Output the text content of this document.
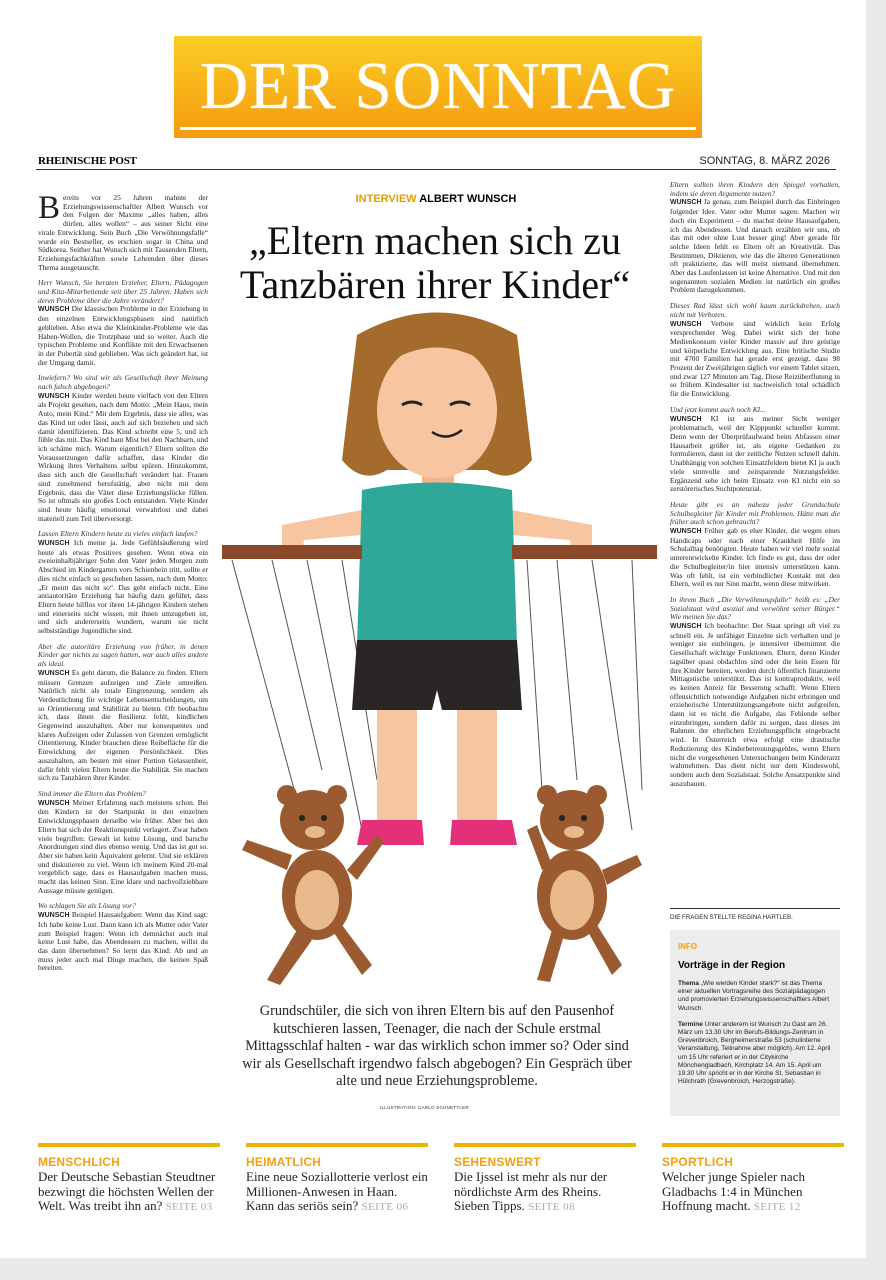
DER SONNTAG
RHEINISCHE POST	SONNTAG, 8. MÄRZ 2026

Bereits vor 25 Jahren mahnte der Erziehungswissenschaftler Albert Wunsch vor den Folgen der Maxime „alles haben, alles dürfen, alles wollen“ – aus seiner Sicht eine virale Entwicklung. Sein Buch „Die Verwöhnungsfalle“ wurde ein Bestseller, es erschien sogar in China und Südkorea. Seither hat Wunsch sich mit Tausenden Eltern, Erziehungsfachkräften sowie Lehrenden über dieses Thema ausgetauscht.

Herr Wunsch, Sie beraten Erzieher, Eltern, Pädagogen und Kita-Mitarbeitende seit über 25 Jahren. Haben sich deren Probleme über die Jahre verändert?

WUNSCH Die klassischen Probleme in der Erziehung in den einzelnen Entwicklungsphasen sind natürlich geblieben. Also etwa die Kleinkinder-Probleme wie das Haben-Wollen, die Trotzphase und so weiter. Auch die typischen Probleme und Konflikte mit den Erwachsenen in der Pubertät sind geblieben. Was sich geändert hat, ist der Umgang damit.

Inwiefern? Wo sind wir als Gesellschaft ihrer Meinung nach falsch abgebogen?

WUNSCH Kinder werden heute vielfach von den Eltern als Projekt gesehen, nach dem Motto: „Mein Haus, mein Auto, mein Kind.“ Mit dem Ergebnis, dass sie alles, was das Kind tut oder lässt, auch auf sich beziehen und sich damit identifizieren. Das Kind schreibt eine 5, und ich fühle das mit. Das Kind baut Mist bei den Nachbarn, und ich schäme mich. Warum eigentlich? Eltern sollten die Voraussetzungen dafür schaffen, dass Kinder die Wirkung ihres Verhaltens selbst spüren. Hinzukommt, dass sich auch die Gesellschaft verändert hat. Frauen sind zunehmend berufstätig, aber nicht mit dem Ergebnis, dass die Väter diese Erziehungslücke füllen. So ist oftmals ein großes Loch entstanden. Viele Kinder sind heute häufig emotional verwahrlost und dabei materiell zum Teil überversorgt.

Lassen Eltern Kindern heute zu vieles einfach laufen?

WUNSCH Ich meine ja. Jede Gefühlsäußerung wird heute als etwas Positives gesehen. Wenn etwa ein zweieinhalbjähriger Sohn den Vater jeden Morgen zum Abschied im Kindergarten vors Schienbein tritt, sollte er dies nicht einfach so geschehen lassen, nach dem Motto: „Er meint das nicht so“. Das geht einfach nicht. Eine antiautoritäre Erziehung hat häufig dazu geführt, dass Eltern heute hilflos vor ihren 14-jährigen Kindern stehen und einerseits nicht wissen, mit ihnen umzugehen ist, und sich andererseits wundern, warum sie nicht selbstständige Jugendliche sind.

Aber die autoritäre Erziehung von früher, in denen Kinder gar nichts zu sagen hatten, war auch alles andere als ideal.

WUNSCH Es geht darum, die Balance zu finden. Eltern müssen Grenzen aufzeigen und Ziele umreißen. Natürlich nicht als totale Eingrenzung, sondern als Verdeutlichung für wichtige Lebensentscheidungen, um so Orientierung und Stabilität zu bieten. Oft beobachte ich, dass ihnen die Resilienz fehlt, kindlichen Gegenwind auszuhalten. Aber nur konsequentes und klares Aufzeigen oder Zulassen von Grenzen ermöglicht Orientierung. Kinder brauchen diese Reibefläche für die Entwicklung der eigenen Persönlichkeit. Dies auszuhalten, am besten mit einer Portion Gelassenheit, dafür fehlt vielen Eltern heute die Stabilität. Sie machen sich zu Tanzbären ihrer Kinder.

Sind immer die Eltern das Problem?

WUNSCH Meiner Erfahrung nach meistens schon. Bei den Kindern ist der Startpunkt in den einzelnen Entwicklungsphasen derselbe wie früher. Aber bei den Eltern hat sich der Reaktionspunkt verlagert. Zwar haben viele begriffen: Gewalt ist keine Lösung, und barsche Anordnungen sind dies ebenso wenig. Und das ist gut so. Aber sie haben kein Äquivalent gelernt. Und sie erklären und diskutieren zu viel. Wenn ich meinem Kind 20-mal vergeblich sage, dass es Hausaufgaben machen muss, macht das keinen Sinn. Eine klare und nachvollziehbare Aussage müsste genügen.

Wo schlagen Sie als Lösung vor?

WUNSCH Beispiel Hausaufgaben: Wenn das Kind sagt: Ich habe keine Lust. Dann kann ich als Mutter oder Vater zum Beispiel fragen: Wenn ich demnächst auch mal keine Lust habe, das Abendessen zu machen, willst du das dann übernehmen? So lernt das Kind: Ab und an muss jeder auch mal Dinge machen, die keinen Spaß bereiten.

INTERVIEW ALBERT WUNSCH
„Eltern machen sich zu Tanzbären ihrer Kinder“
Grundschüler, die sich von ihren Eltern bis auf den Pausenhof kutschieren lassen, Teenager, die nach der Schule erstmal Mittagsschlaf halten - war das wirklich schon immer so? Oder sind wir als Gesellschaft irgendwo falsch abgebogen? Ein Gespräch über alte und neue Erziehungsprobleme.
ILLUSTRATION: CARLO SCHNETTLER

Eltern sollten ihren Kindern den Spiegel vorhalten, indem sie deren Argumente nutzen?

WUNSCH Ja genau, zum Beispiel durch das Einbringen folgender Idee. Vater oder Mutter sagen: Machen wir doch ein Experiment – du machst deine Hausaufgaben, ich das Abendessen. Und danach erzählen wir uns, ob das mit oder ohne Lust besser ging! Aber gerade für solche Ideen fehlt es Eltern oft an Kreativität. Das Bestimmen, Diktieren, wie das die älteren Generationen oft praktizierte, das will meist niemand übernehmen. Aber das Laufenlassen ist keine Alternative. Und mit den sogenannten sozialen Medien ist natürlich ein großes Problem dazugekommen.

Dieses Rad lässt sich wohl kaum zurückdrehen, auch nicht mit Verboten.

WUNSCH Verbote sind wirklich kein Erfolg versprechender Weg. Dabei wirkt sich der hohe Medienkonsum vieler Kinder massiv auf ihre geistige und körperliche Entwicklung aus. Eine britische Studie mit 4700 Familien hat gerade erst gezeigt, dass 98 Prozent der Zweijährigen täglich vor einem Tablet sitzen, und zwar 127 Minuten am Tag. Diese Reizüberflutung in so frühem Kindesalter ist nachweislich total schädlich für die Entwicklung.

Und jetzt kommt auch noch KI...

WUNSCH KI ist aus meiner Sicht weniger problematisch, weil der Kipppunkt schneller kommt. Denn wenn der Überprüfaufwand beim Abfassen einer Hausarbeit größer ist, als eigene Gedanken zu formulieren, dann ist der zeitliche Nutzen schnell dahin. Unabhängig von solchen Einsatzfeldern bietet KI ja auch viele sinnvolle und zeitsparende Nutzungsfelder. Ergänzend sehe ich beim Einsatz von KI nicht ein so zerstörerisches Suchtpotenzial.

Heute gibt es an nahezu jeder Grundschule Schulbegleiter für Kinder mit Problemen. Hätte man die früher auch schon gebraucht?

WUNSCH Früher gab es eher Kinder, die wegen eines Handicaps oder nach einer Krankheit Hilfe im Schulalltag benötigten. Heute haben wir viel mehr sozial unterentwickelte Kinder. Ich finde es gut, dass der oder die Schulbegleiter/in hier intensiv unterstützen kann. Was oft fehlt, ist ein verbindlicher Kontakt mit den Eltern, weil es nur Sinn macht, wenn diese mitwirken.

In ihrem Buch „Die Verwöhnungsfalle“ heißt es: „Der Sozialstaat wird asozial und verwöhnt seiner Bürger.“ Wie meinen Sie das?

WUNSCH Ich beobachte: Der Staat springt oft viel zu schnell ein. Je unfähiger Einzelne sich verhalten und je weniger sie einbringen, je intensiver übernimmt die Gesellschaft wichtige Funktionen. Eltern, deren Kinder tagsüber quasi obdachlos sind oder die kein Essen für ihre Kinder bereiten, werden durch öffentlich finanzierte Mittagstische unterstützt. Das ist kontraproduktiv, weil es keinen Anreiz für Besserung schafft. Wenn Eltern offensichtlich notwendige Aufgaben nicht erbringen und erzieherische Unterstützungsangebote nicht aufgreifen, dann ist es nicht die Aufgabe, das Fehlende selber einzubringen, sondern dafür zu sorgen, dass dieses im Rahmen der elterlichen Erziehungspflicht eingebracht wird. In Österreich etwa erfolgt eine drastische Reduzierung des Kinderbetreuungsgeldes, wenn Eltern nicht die vorgesehenen Untersuchungen beim Kinderarzt wahrnehmen. Das dient nicht nur dem Kindeswohl, sondern auch dem Sozialstaat. Solche Ansatzpunkte sind auszubauen.

DIE FRAGEN STELLTE REGINA HARTLEB.
INFO
Vorträge in der Region

Thema „Wie werden Kinder stark?“ ist das Thema einer aktuellen Vortragsreihe des Sozialpädagogen und promovierten Erziehungswissenschaftlers Albert Wunsch.

Termine Unter anderem ist Wunsch zu Gast am 26. März um 13.30 Uhr im Berufs-Bildungs-Zentrum in Grevenbroich, Bergheimerstraße 53 (schulinterne Veranstaltung, Teilnahme aber möglich). Am 12. April um 15 Uhr referiert er in der Citykirche Mönchengladbach, Kirchplatz 14. Am 15. April um 19.30 Uhr spricht er in der Kirche St. Sebastian in Hülchrath (Grevenbroich, Herzogstraße).

MENSCHLICH
Der Deutsche Sebastian Steudtner bezwingt die höchsten Wellen der Welt. Was treibt ihn an? SEITE 03
HEIMATLICH
Eine neue Soziallotterie verlost ein Millionen-Anwesen in Haan. Kann das seriös sein? SEITE 06
SEHENSWERT
Die Ijssel ist mehr als nur der nördlichste Arm des Rheins. Sieben Tipps. SEITE 08
SPORTLICH
Welcher junge Spieler nach Gladbachs 1:4 in München Hoffnung macht. SEITE 12
